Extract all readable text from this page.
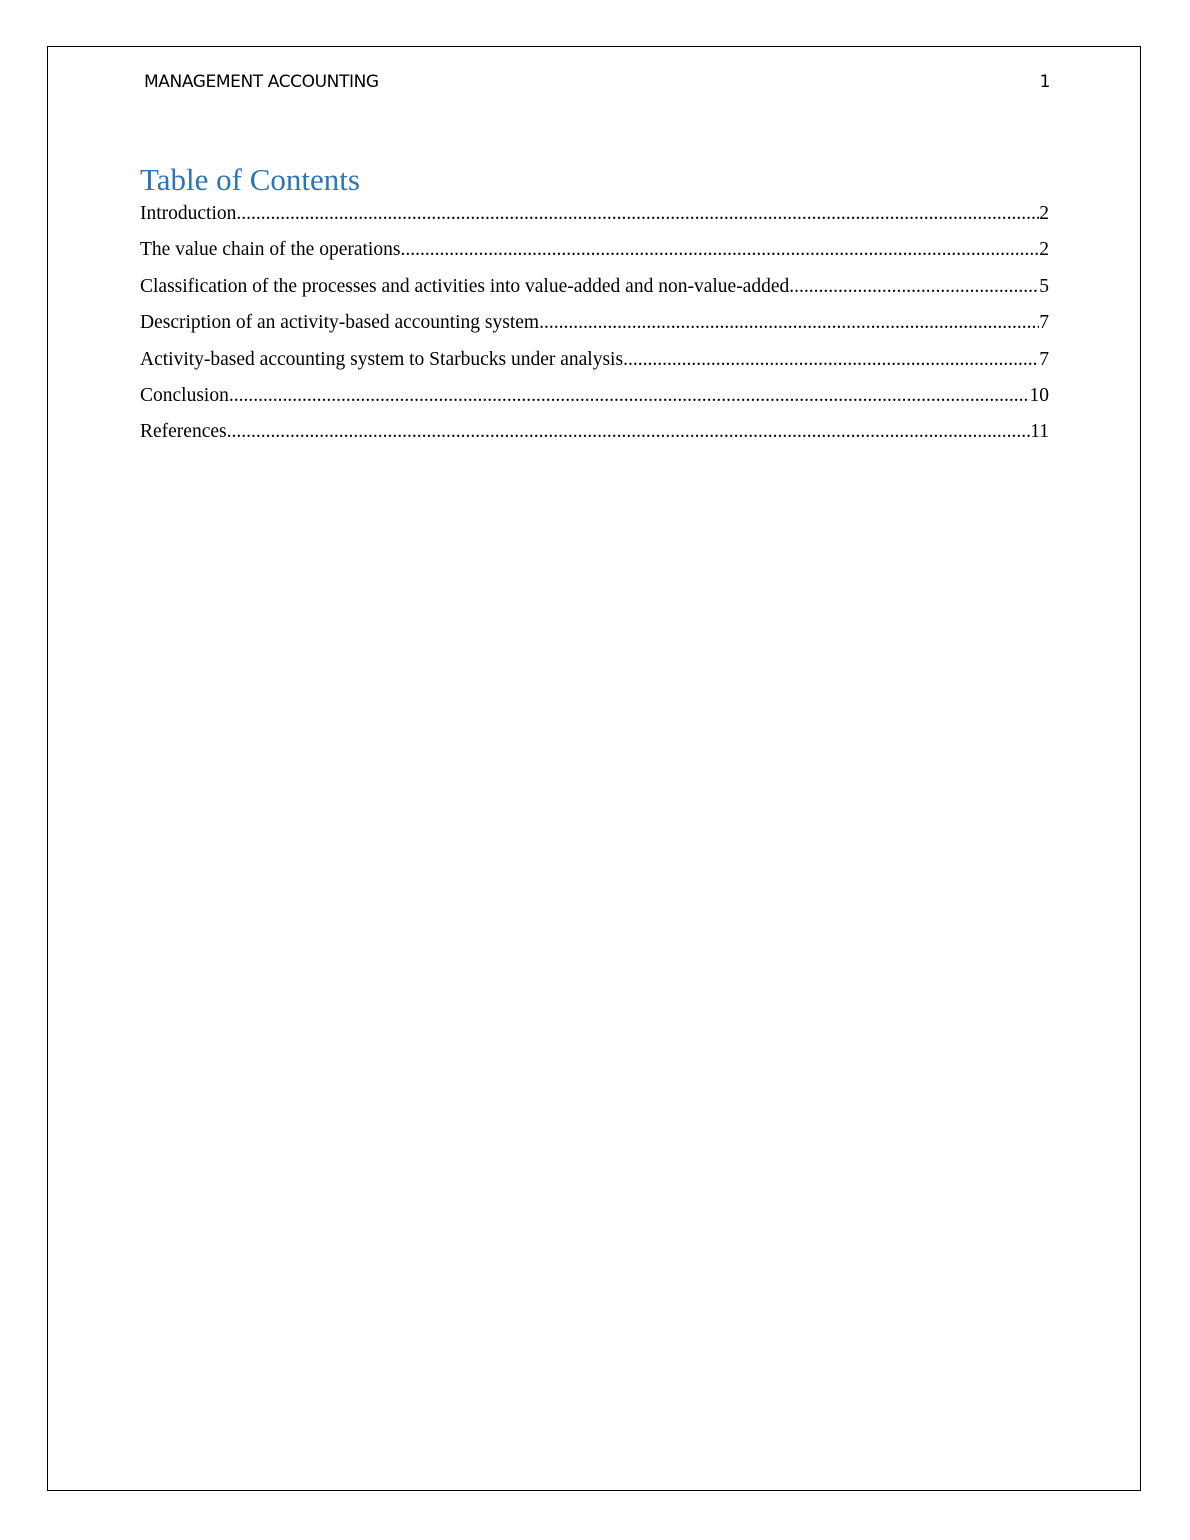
MANAGEMENT ACCOUNTING	1
Table of Contents
Introduction .....	2
The value chain of the operations .....	2
Classification of the processes and activities into value-added and non-value-added .....	5
Description of an activity-based accounting system .....	7
Activity-based accounting system to Starbucks under analysis .....	7
Conclusion .....	10
References .....	11
